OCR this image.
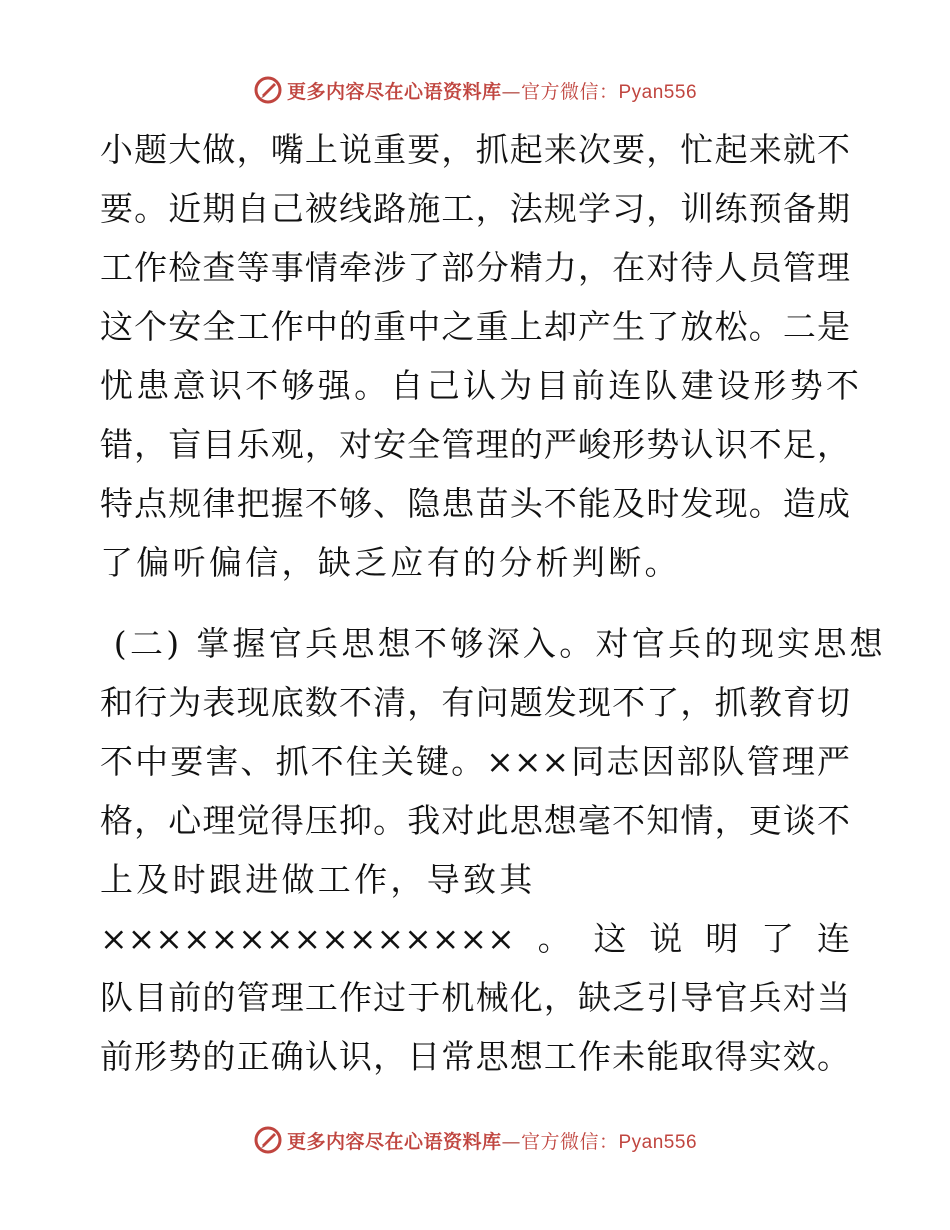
更多内容尽在心语资料库—官方微信：Pyan556
小题大做，嘴上说重要，抓起来次要，忙起来就不
要。近期自己被线路施工，法规学习，训练预备期
工作检查等事情牵涉了部分精力，在对待人员管理
这个安全工作中的重中之重上却产生了放松。二是
忧患意识不够强。自己认为目前连队建设形势不
错，盲目乐观，对安全管理的严峻形势认识不足，
特点规律把握不够、隐患苗头不能及时发现。造成
了偏听偏信，缺乏应有的分析判断。
(二) 掌握官兵思想不够深入。对官兵的现实思想
和行为表现底数不清，有问题发现不了，抓教育切
不中要害、抓不住关键。×××同志因部队管理严
格，心理觉得压抑。我对此思想毫不知情，更谈不
上及时跟进做工作，导致其
×××××××××××××××。这说明了连
队目前的管理工作过于机械化，缺乏引导官兵对当
前形势的正确认识，日常思想工作未能取得实效。
更多内容尽在心语资料库—官方微信：Pyan556
